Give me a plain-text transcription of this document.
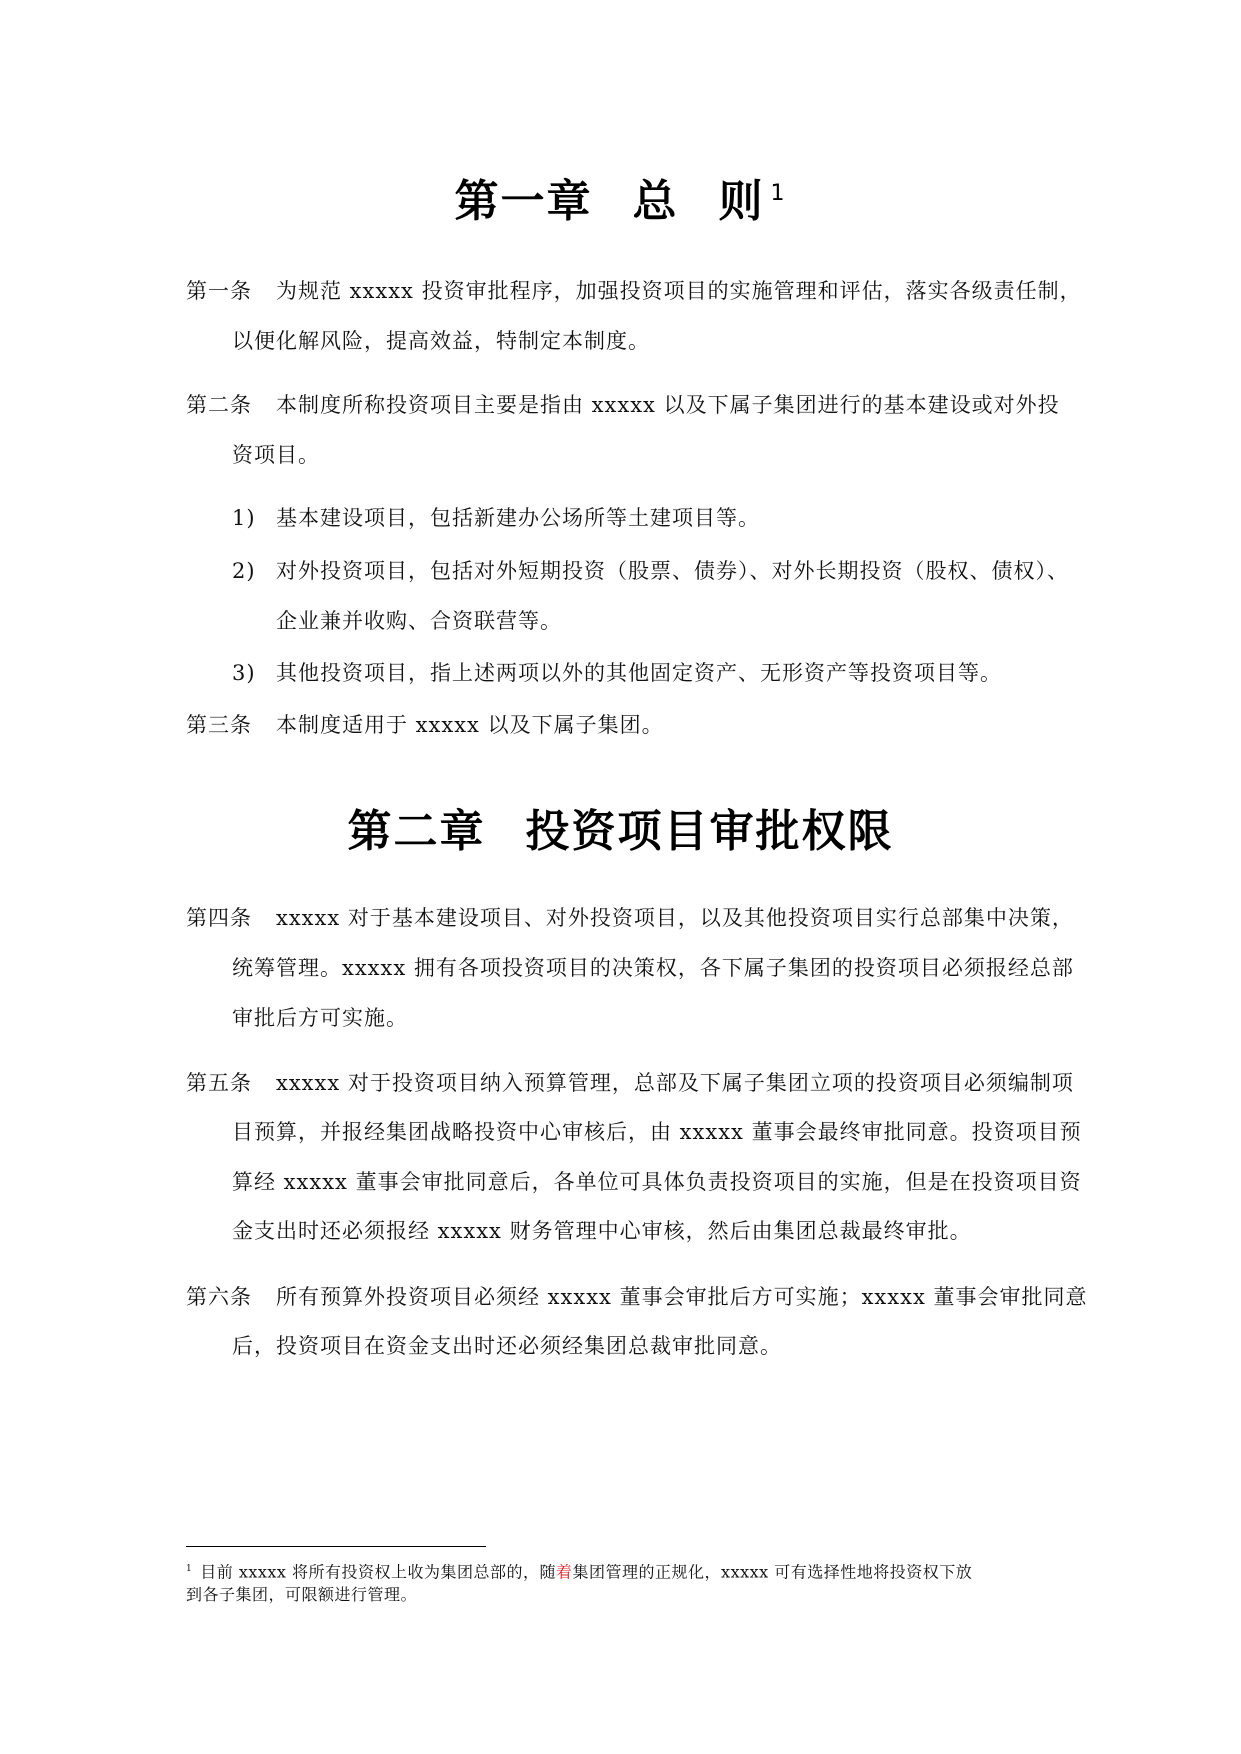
第一章 总 则 $^1$
第一条 为规范 xxxxx 投资审批程序，加强投资项目的实施管理和评估，落实各级责任制，
以便化解风险，提高效益，特制定本制度。
第二条 本制度所称投资项目主要是指由 xxxxx 以及下属子集团进行的基本建设或对外投
资项目。
1) 基本建设项目，包括新建办公场所等土建项目等。
2) 对外投资项目，包括对外短期投资（股票、债券）、对外长期投资（股权、债权）、
企业兼并收购、合资联营等。
3) 其他投资项目，指上述两项以外的其他固定资产、无形资产等投资项目等。
第三条 本制度适用于 xxxxx 以及下属子集团。
第二章 投资项目审批权限
第四条 xxxxx 对于基本建设项目、对外投资项目，以及其他投资项目实行总部集中决策，
统筹管理。xxxxx 拥有各项投资项目的决策权，各下属子集团的投资项目必须报经总部
审批后方可实施。
第五条 xxxxx 对于投资项目纳入预算管理，总部及下属子集团立项的投资项目必须编制项
目预算，并报经集团战略投资中心审核后，由 xxxxx 董事会最终审批同意。投资项目预
算经 xxxxx 董事会审批同意后，各单位可具体负责投资项目的实施，但是在投资项目资
金支出时还必须报经 xxxxx 财务管理中心审核，然后由集团总裁最终审批。
第六条 所有预算外投资项目必须经 xxxxx 董事会审批后方可实施；xxxxx 董事会审批同意
后，投资项目在资金支出时还必须经集团总裁审批同意。
$^1$ 目前 xxxxx 将所有投资权上收为集团总部的，随着集团管理的正规化，xxxxx 可有选择性地将投资权下放
到各子集团，可限额进行管理。
